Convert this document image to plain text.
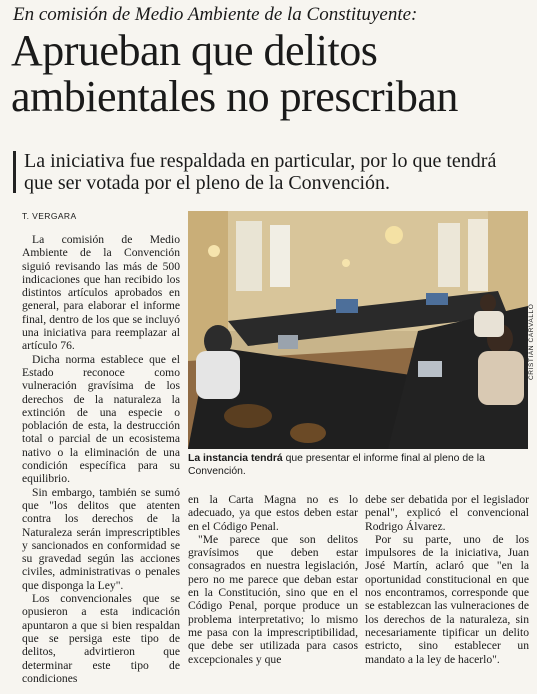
En comisión de Medio Ambiente de la Constituyente:
Aprueban que delitos ambientales no prescriban
La iniciativa fue respaldada en particular, por lo que tendrá que ser votada por el pleno de la Convención.
T. VERGARA

La comisión de Medio Ambiente de la Convención siguió revisando las más de 500 indicaciones que han recibido los distintos artículos aprobados en general, para elaborar el informe final, dentro de los que se incluyó una iniciativa para reemplazar al artículo 76.

Dicha norma establece que el Estado reconoce como vulneración gravísima de los derechos de la naturaleza la extinción de una especie o población de esta, la destrucción total o parcial de un ecosistema nativo o la eliminación de una condición específica para su equilibrio.

Sin embargo, también se sumó que "los delitos que atenten contra los derechos de la Naturaleza serán imprescriptibles y sancionados en conformidad se su gravedad según las acciones civiles, administrativas o penales que disponga la Ley".

Los convencionales que se opusieron a esta indicación apuntaron a que si bien respaldan que se persiga este tipo de delitos, advirtieron que determinar este tipo de condiciones

CRISTIÁN CARVALLO
La instancia tendrá que presentar el informe final al pleno de la Convención.

en la Carta Magna no es lo adecuado, ya que estos deben estar en el Código Penal.

"Me parece que son delitos gravísimos que deben estar consagrados en nuestra legislación, pero no me parece que deban estar en la Constitución, sino que en el Código Penal, porque produce un problema interpretativo; lo mismo me pasa con la imprescriptibilidad, que debe ser utilizada para casos excepcionales y que

debe ser debatida por el legislador penal", explicó el convencional Rodrigo Álvarez.

Por su parte, uno de los impulsores de la iniciativa, Juan José Martín, aclaró que "en la oportunidad constitucional en que nos encontramos, corresponde que se establezcan las vulneraciones de los derechos de la naturaleza, sin necesariamente tipificar un delito estricto, sino establecer un mandato a la ley de hacerlo".
